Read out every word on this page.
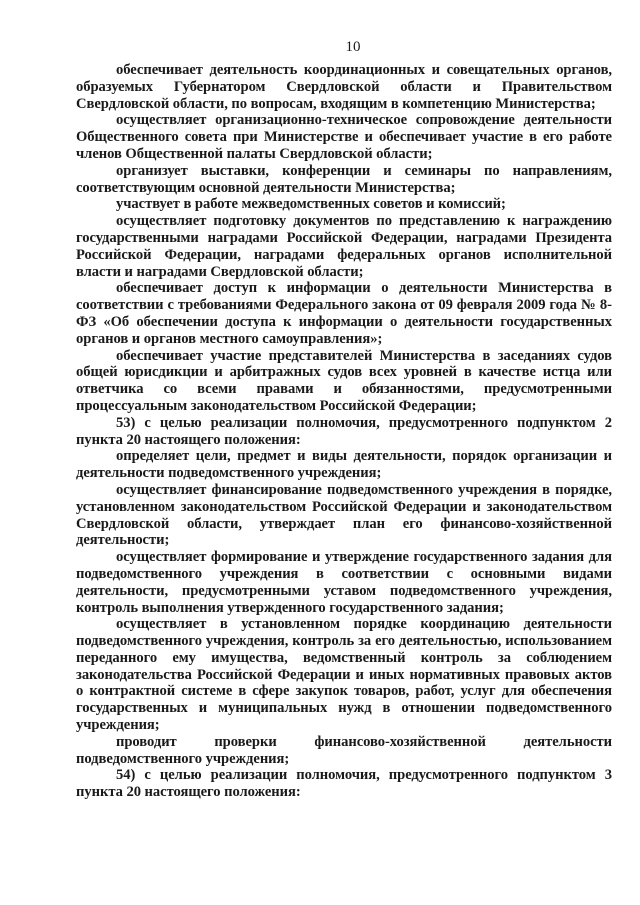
10

обеспечивает деятельность координационных и совещательных органов, образуемых Губернатором Свердловской области и Правительством Свердловской области, по вопросам, входящим в компетенцию Министерства;

осуществляет организационно-техническое сопровождение деятельности Общественного совета при Министерстве и обеспечивает участие в его работе членов Общественной палаты Свердловской области;

организует выставки, конференции и семинары по направлениям, соответствующим основной деятельности Министерства;

участвует в работе межведомственных советов и комиссий;

осуществляет подготовку документов по представлению к награждению государственными наградами Российской Федерации, наградами Президента Российской Федерации, наградами федеральных органов исполнительной власти и наградами Свердловской области;

обеспечивает доступ к информации о деятельности Министерства в соответствии с требованиями Федерального закона от 09 февраля 2009 года № 8-ФЗ «Об обеспечении доступа к информации о деятельности государственных органов и органов местного самоуправления»;

обеспечивает участие представителей Министерства в заседаниях судов общей юрисдикции и арбитражных судов всех уровней в качестве истца или ответчика со всеми правами и обязанностями, предусмотренными процессуальным законодательством Российской Федерации;

53) с целью реализации полномочия, предусмотренного подпунктом 2 пункта 20 настоящего положения:

определяет цели, предмет и виды деятельности, порядок организации и деятельности подведомственного учреждения;

осуществляет финансирование подведомственного учреждения в порядке, установленном законодательством Российской Федерации и законодательством Свердловской области, утверждает план его финансово-хозяйственной деятельности;

осуществляет формирование и утверждение государственного задания для подведомственного учреждения в соответствии с основными видами деятельности, предусмотренными уставом подведомственного учреждения, контроль выполнения утвержденного государственного задания;

осуществляет в установленном порядке координацию деятельности подведомственного учреждения, контроль за его деятельностью, использованием переданного ему имущества, ведомственный контроль за соблюдением законодательства Российской Федерации и иных нормативных правовых актов о контрактной системе в сфере закупок товаров, работ, услуг для обеспечения государственных и муниципальных нужд в отношении подведомственного учреждения;

проводит проверки финансово-хозяйственной деятельности подведомственного учреждения;

54) с целью реализации полномочия, предусмотренного подпунктом 3 пункта 20 настоящего положения:
